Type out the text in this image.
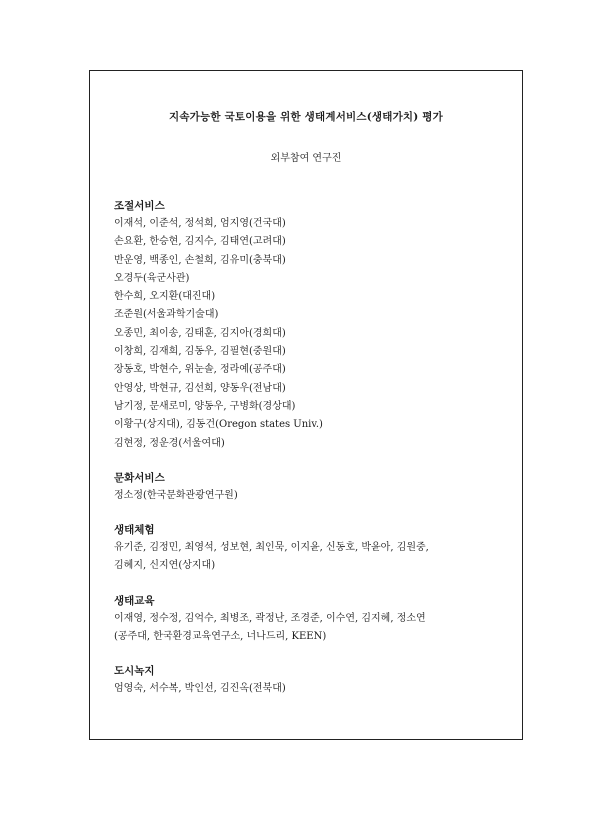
지속가능한 국토이용을 위한 생태계서비스(생태가치) 평가
외부참여 연구진
조절서비스
이재석, 이준석, 정석희, 엄지영(건국대)
손요환, 한승현, 김지수, 김태연(고려대)
반운영, 백종인, 손철희, 김유미(충북대)
오경두(육군사관)
한수희, 오지환(대진대)
조준원(서울과학기술대)
오종민, 최이송, 김태훈, 김지아(경희대)
이창희, 김재희, 김동우, 김필현(중원대)
장동호, 박현수, 위눈솔, 정라예(공주대)
안영상, 박현규, 김선희, 양동우(전남대)
남기정, 문새로미, 양동우, 구병화(경상대)
이황구(상지대), 김동건(Oregon states Univ.)
김현정, 정운경(서울여대)
문화서비스
정소정(한국문화관광연구원)
생태체험
유기준, 김정민, 최영석, 성보현, 최인묵, 이지윤, 신동호, 박윤아, 김원중,
김혜지, 신지연(상지대)
생태교육
이재영, 정수정, 김억수, 최병조, 곽정난, 조경준, 이수연, 김지혜, 정소연
(공주대, 한국환경교육연구소, 너나드리, KEEN)
도시녹지
엄영숙, 서수복, 박인선, 김진옥(전북대)
